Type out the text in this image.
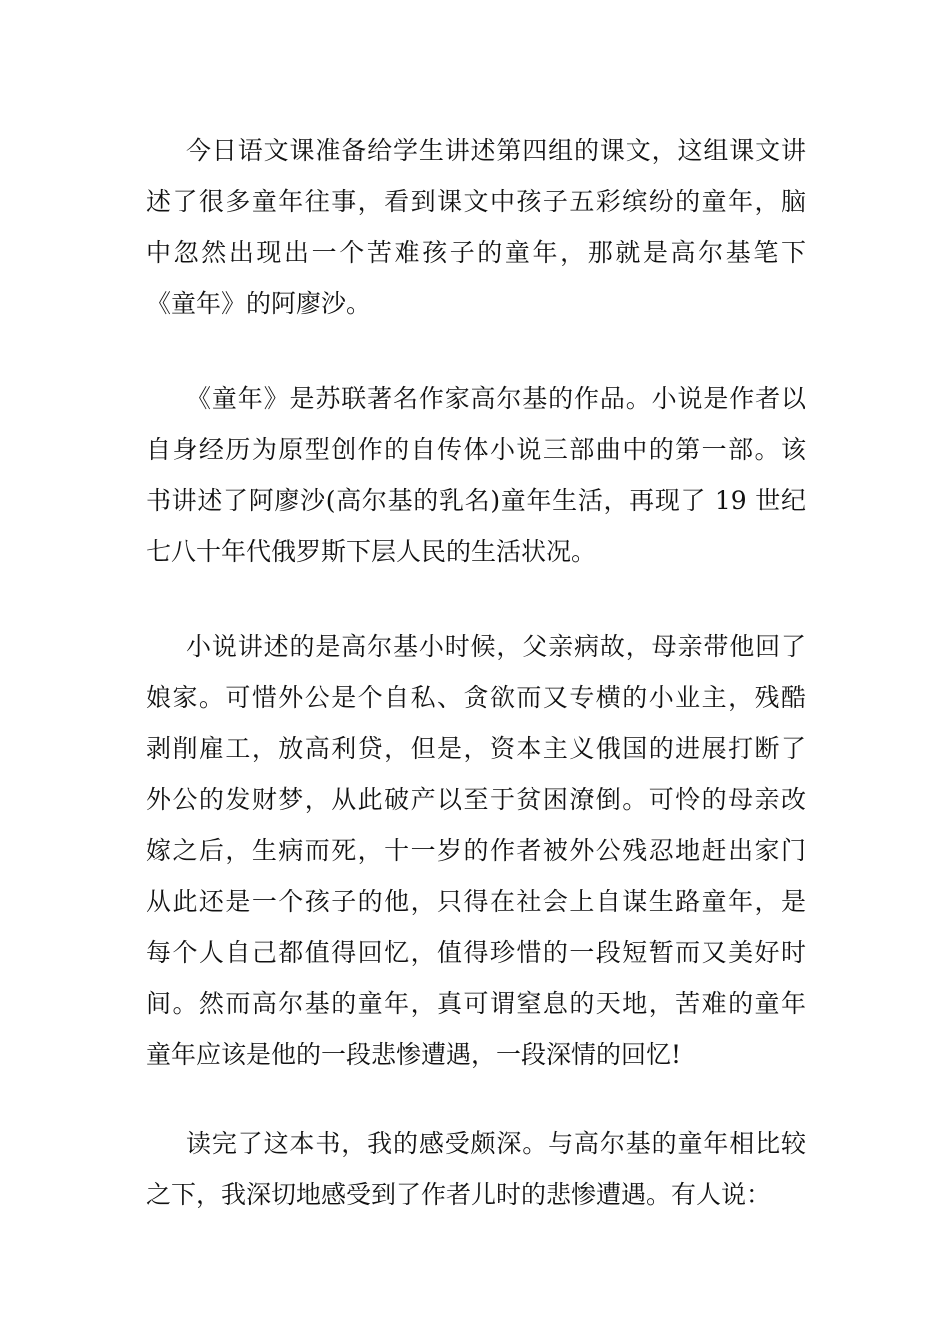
今日语文课准备给学生讲述第四组的课文，这组课文讲
述了很多童年往事，看到课文中孩子五彩缤纷的童年，脑
中忽然出现出一个苦难孩子的童年，那就是高尔基笔下
《童年》的阿廖沙。
《童年》是苏联著名作家高尔基的作品。小说是作者以
自身经历为原型创作的自传体小说三部曲中的第一部。该
书讲述了阿廖沙(高尔基的乳名)童年生活，再现了 19 世纪
七八十年代俄罗斯下层人民的生活状况。
小说讲述的是高尔基小时候，父亲病故，母亲带他回了
娘家。可惜外公是个自私、贪欲而又专横的小业主，残酷
剥削雇工，放高利贷，但是，资本主义俄国的进展打断了
外公的发财梦，从此破产以至于贫困潦倒。可怜的母亲改
嫁之后，生病而死，十一岁的作者被外公残忍地赶出家门
从此还是一个孩子的他，只得在社会上自谋生路童年，是
每个人自己都值得回忆，值得珍惜的一段短暂而又美好时
间。然而高尔基的童年，真可谓窒息的天地，苦难的童年
童年应该是他的一段悲惨遭遇，一段深情的回忆!
读完了这本书，我的感受颇深。与高尔基的童年相比较
之下，我深切地感受到了作者儿时的悲惨遭遇。有人说：
